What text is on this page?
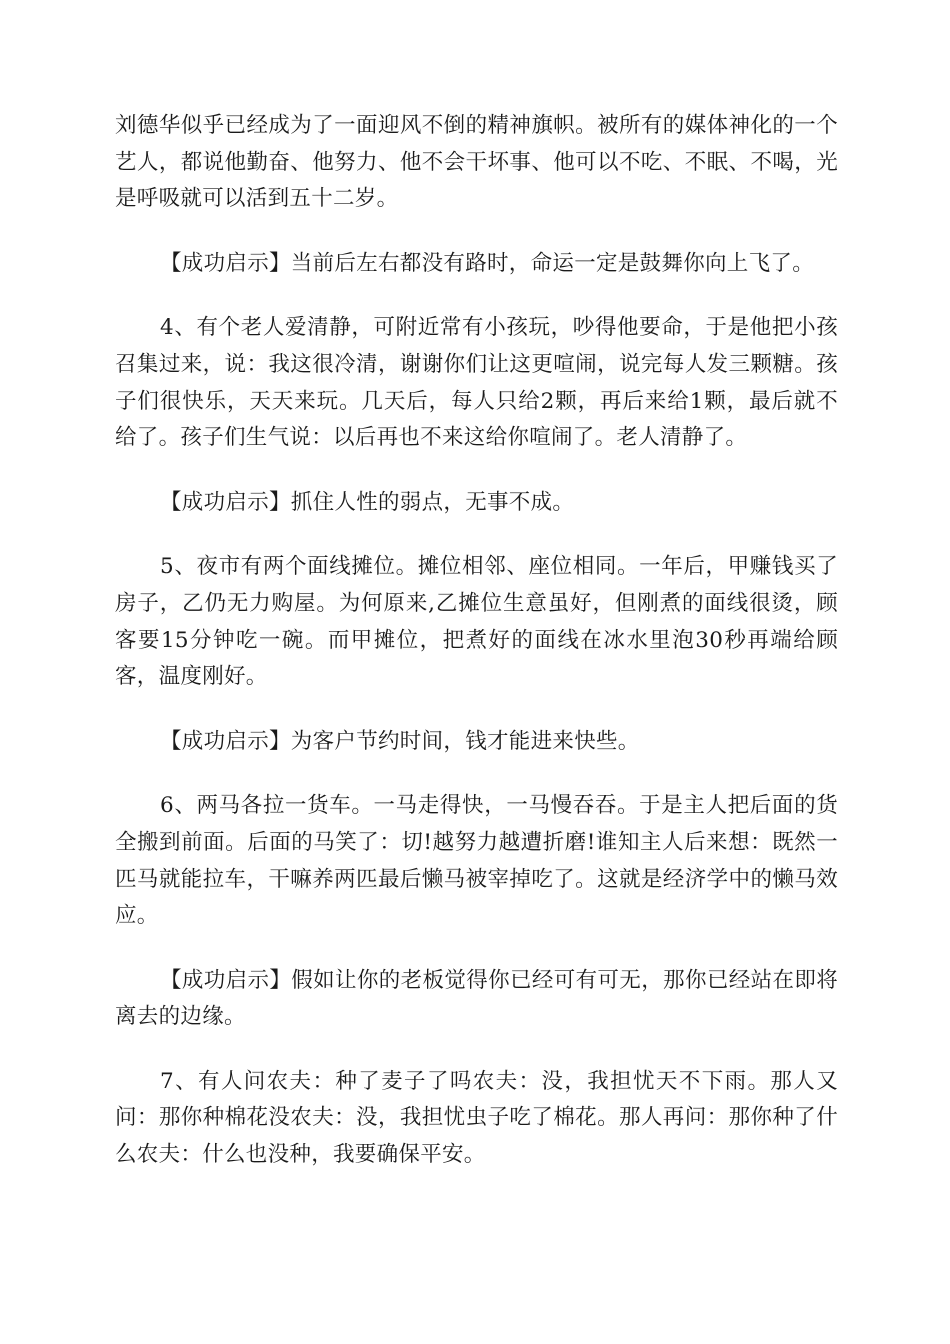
刘德华似乎已经成为了一面迎风不倒的精神旗帜。被所有的媒体神化的一个艺人，都说他勤奋、他努力、他不会干坏事、他可以不吃、不眠、不喝，光是呼吸就可以活到五十二岁。

【成功启示】当前后左右都没有路时，命运一定是鼓舞你向上飞了。

4、有个老人爱清静，可附近常有小孩玩，吵得他要命，于是他把小孩召集过来，说：我这很冷清，谢谢你们让这更喧闹，说完每人发三颗糖。孩子们很快乐，天天来玩。几天后，每人只给2颗，再后来给1颗，最后就不给了。孩子们生气说：以后再也不来这给你喧闹了。老人清静了。

【成功启示】抓住人性的弱点，无事不成。

5、夜市有两个面线摊位。摊位相邻、座位相同。一年后，甲赚钱买了房子，乙仍无力购屋。为何原来,乙摊位生意虽好，但刚煮的面线很烫，顾客要15分钟吃一碗。而甲摊位，把煮好的面线在冰水里泡30秒再端给顾客，温度刚好。

【成功启示】为客户节约时间，钱才能进来快些。

6、两马各拉一货车。一马走得快，一马慢吞吞。于是主人把后面的货全搬到前面。后面的马笑了：切!越努力越遭折磨!谁知主人后来想：既然一匹马就能拉车，干嘛养两匹最后懒马被宰掉吃了。这就是经济学中的懒马效应。

【成功启示】假如让你的老板觉得你已经可有可无，那你已经站在即将离去的边缘。

7、有人问农夫：种了麦子了吗农夫：没，我担忧天不下雨。那人又问：那你种棉花没农夫：没，我担忧虫子吃了棉花。那人再问：那你种了什么农夫：什么也没种，我要确保平安。
